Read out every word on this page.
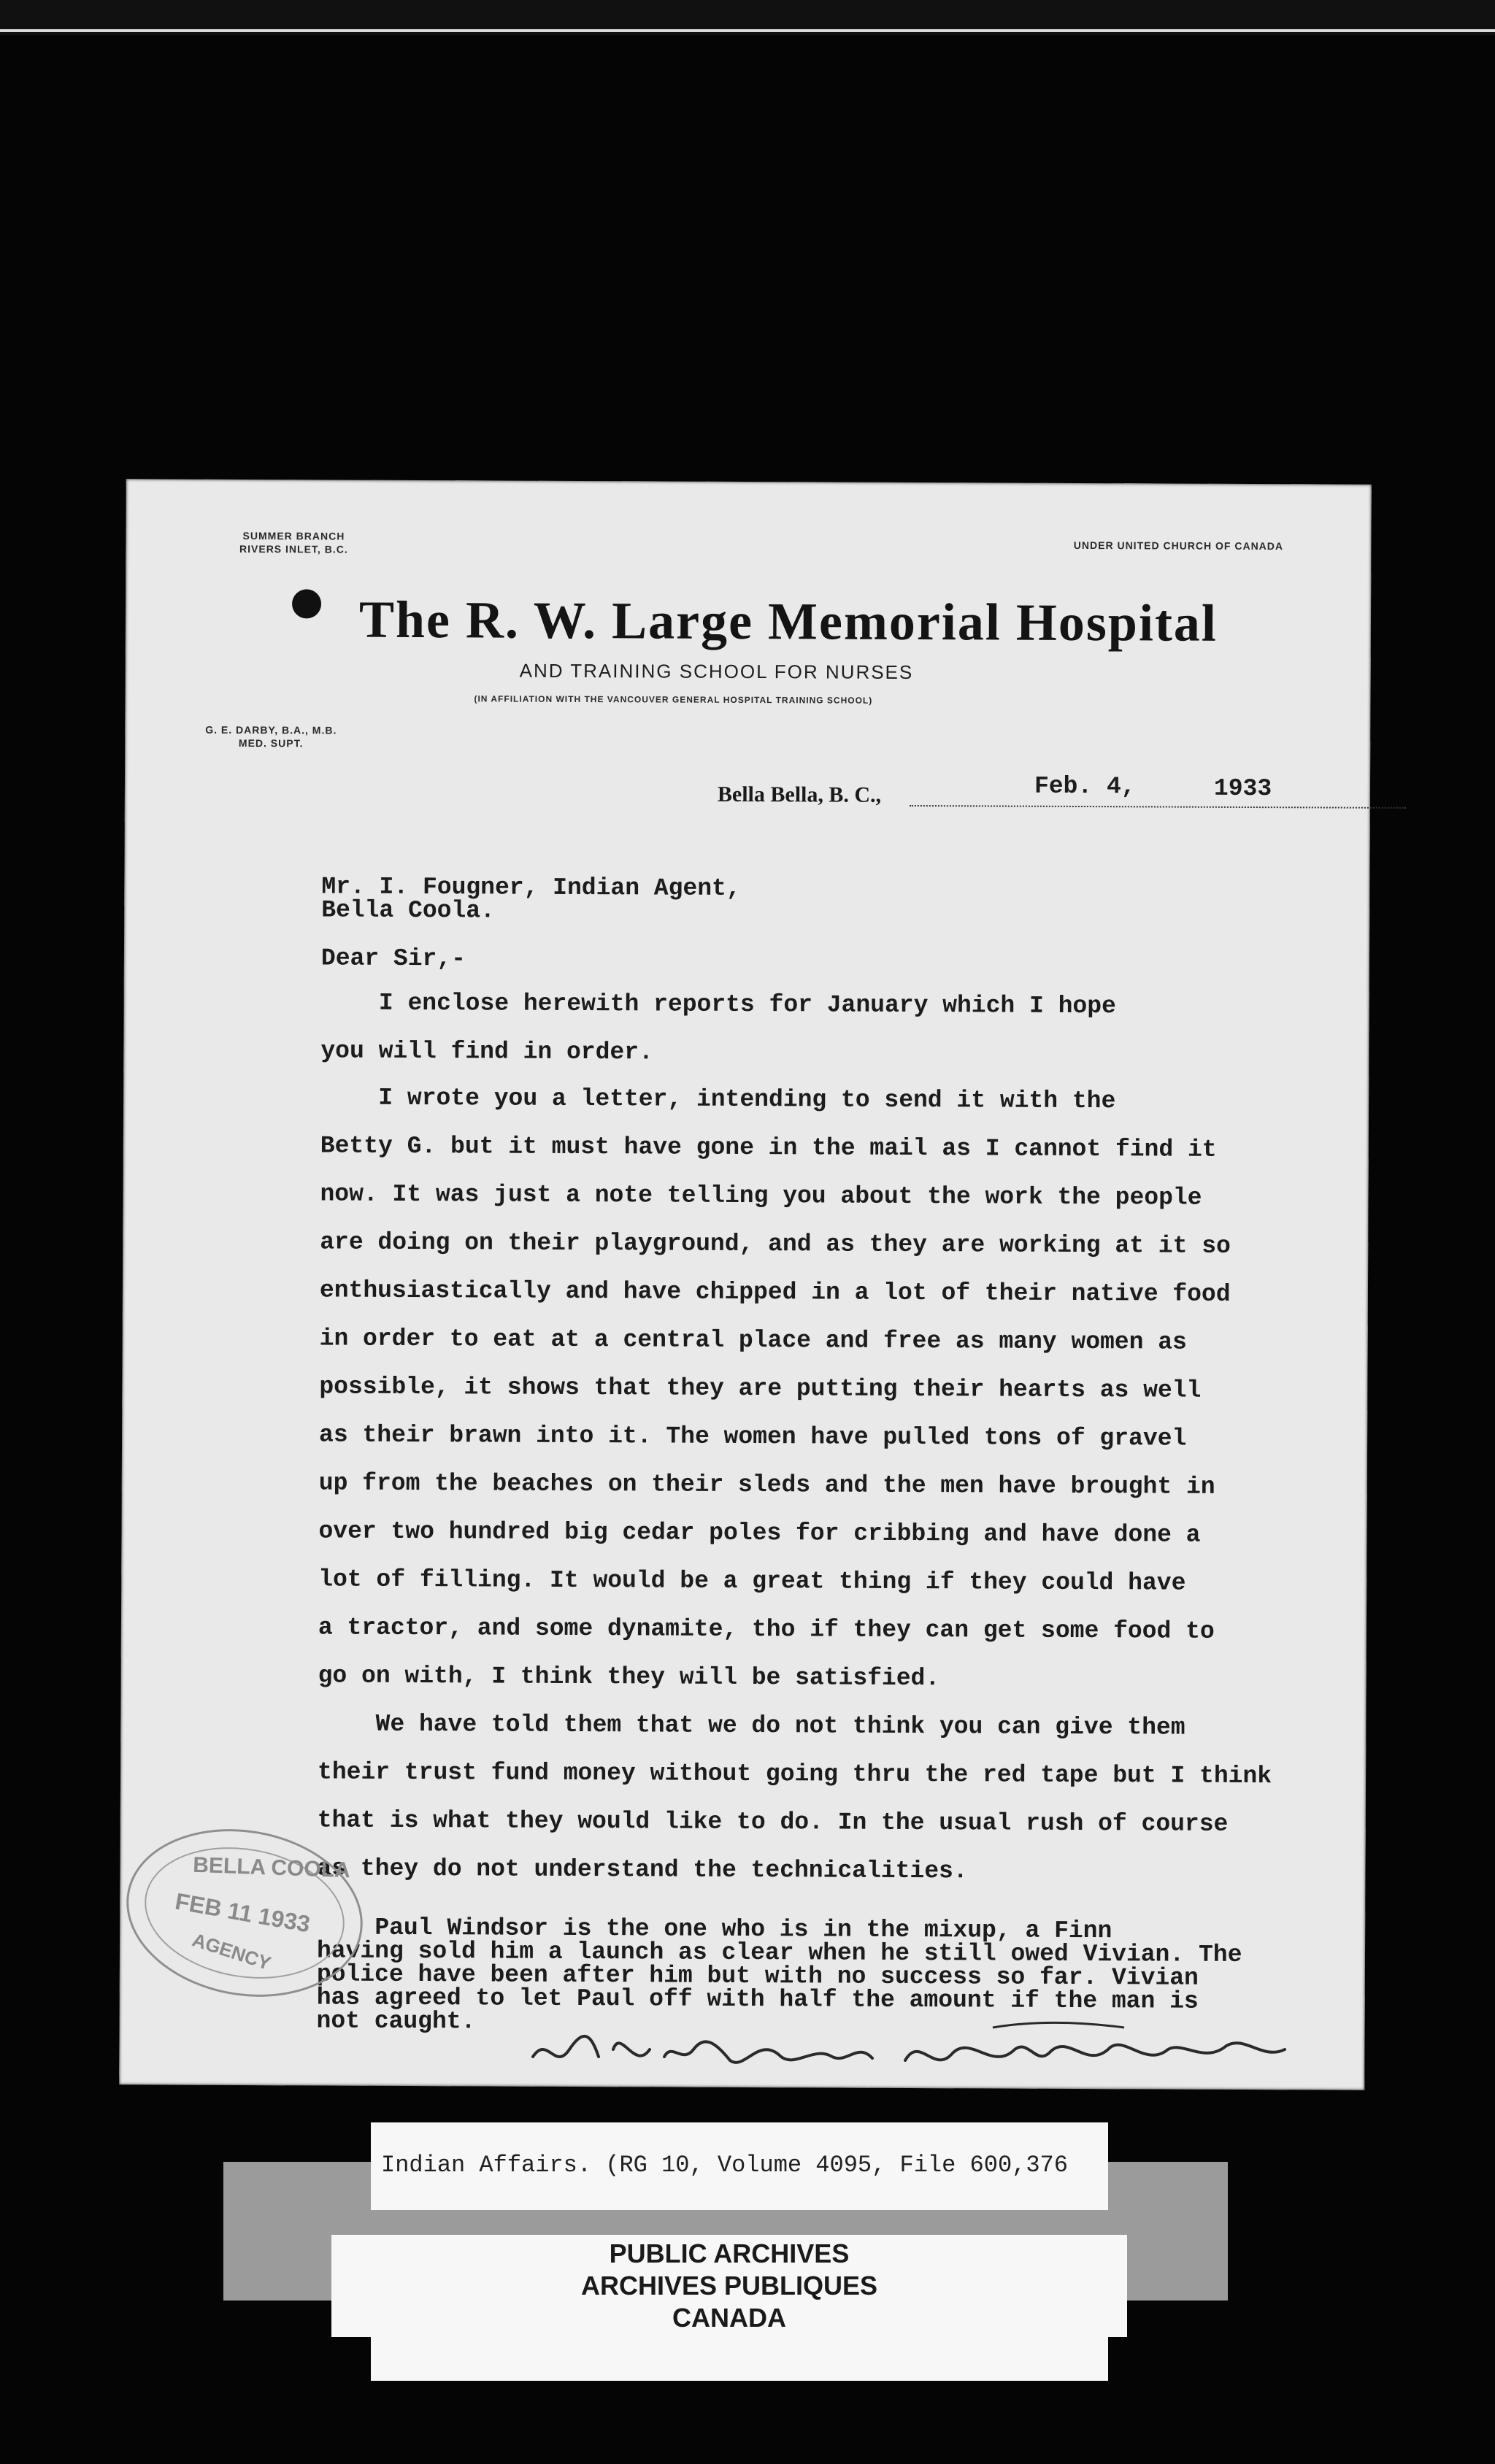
SUMMER BRANCH
RIVERS INLET, B.C.	UNDER UNITED CHURCH OF CANADA
The R. W. Large Memorial Hospital
AND TRAINING SCHOOL FOR NURSES
(IN AFFILIATION WITH THE VANCOUVER GENERAL HOSPITAL TRAINING SCHOOL)
G. E. DARBY, B.A., M.B.
MED. SUPT.
Bella Bella, B. C.,	Feb. 4,	1933
Mr. I. Fougner, Indian Agent,
Bella Coola.
Dear Sir,-
I enclose herewith reports for January which I hope
you will find in order.
I wrote you a letter, intending to send it with the
Betty G. but it must have gone in the mail as I cannot find it
now. It was just a note telling you about the work the people
are doing on their playground, and as they are working at it so
enthusiastically and have chipped in a lot of their native food
in order to eat at a central place and free as many women as
possible, it shows that they are putting their hearts as well
as their brawn into it. The women have pulled tons of gravel
up from the beaches on their sleds and the men have brought in
over two hundred big cedar poles for cribbing and have done a
lot of filling. It would be a great thing if they could have
a tractor, and some dynamite, tho if they can get some food to
go on with, I think they will be satisfied.
We have told them that we do not think you can give them
their trust fund money without going thru the red tape but I think
that is what they would like to do. In the usual rush of course
as they do not understand the technicalities.
Paul Windsor is the one who is in the mixup, a Finn
having sold him a launch as clear when he still owed Vivian. The
police have been after him but with no success so far. Vivian
has agreed to let Paul off with half the amount if the man is
not caught.
BELLA COOLA
FEB 11 1933
AGENCY
Indian Affairs. (RG 10, Volume 4095, File 600,376
PUBLIC ARCHIVES
ARCHIVES PUBLIQUES
CANADA
